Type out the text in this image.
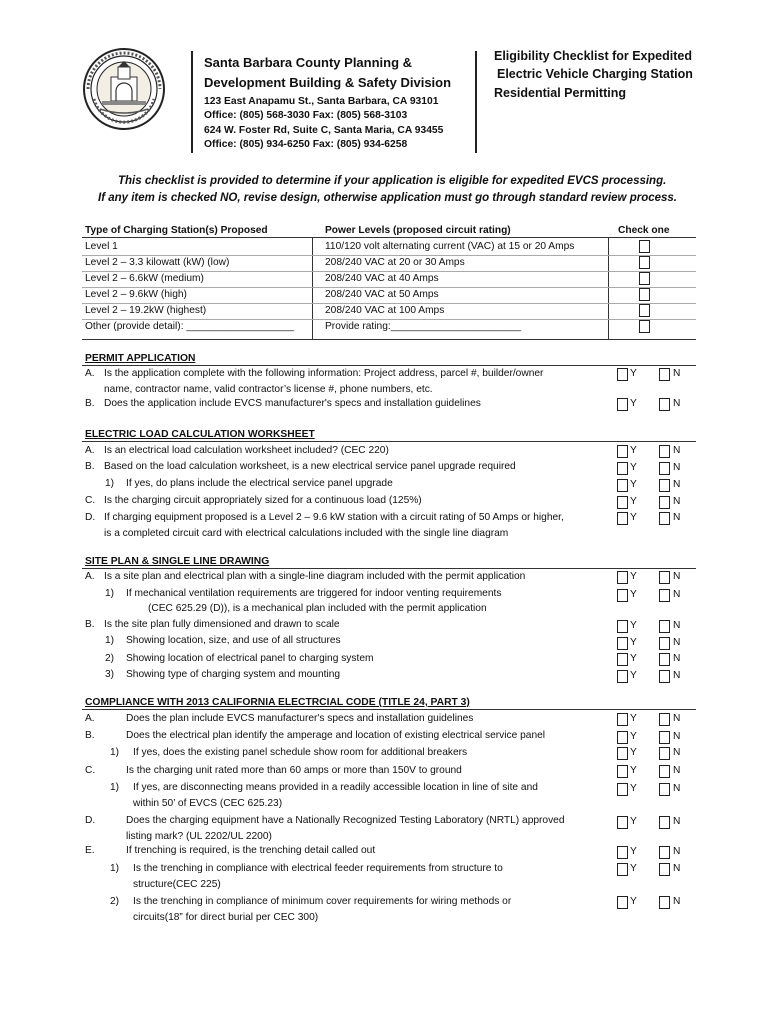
Santa Barbara County Planning &
Development Building & Safety Division
123 East Anapamu St., Santa Barbara, CA 93101
Office: (805) 568-3030 Fax: (805) 568-3103
624 W. Foster Rd, Suite C, Santa Maria, CA 93455
Office: (805) 934-6250 Fax: (805) 934-6258
Eligibility Checklist for Expedited
Electric Vehicle Charging Station
Residential Permitting
This checklist is provided to determine if your application is eligible for expedited EVCS processing.
If any item is checked NO, revise design, otherwise application must go through standard review process.
Type of Charging Station(s) Proposed	Power Levels (proposed circuit rating)	Check one
Level 1	110/120 volt alternating current (VAC) at 15 or 20 Amps
Level 2 – 3.3 kilowatt (kW) (low)	208/240 VAC at 20 or 30 Amps
Level 2 – 6.6kW (medium)	208/240 VAC at 40 Amps
Level 2 – 9.6kW (high)	208/240 VAC at 50 Amps
Level 2 – 19.2kW (highest)	208/240 VAC at 100 Amps
Other (provide detail): ___________________	Provide rating:_______________________
PERMIT APPLICATION
A. Is the application complete with the following information: Project address, parcel #, builder/owner
name, contractor name, valid contractor’s license #, phone numbers, etc.
Y	N
B. Does the application include EVCS manufacturer's specs and installation guidelines	Y	N
ELECTRIC LOAD CALCULATION WORKSHEET
A. Is an electrical load calculation worksheet included? (CEC 220)	Y	N
B. Based on the load calculation worksheet, is a new electrical service panel upgrade required	Y	N
1) If yes, do plans include the electrical service panel upgrade	Y	N
C. Is the charging circuit appropriately sized for a continuous load (125%)	Y	N
D. If charging equipment proposed is a Level 2 – 9.6 kW station with a circuit rating of 50 Amps or higher,
is a completed circuit card with electrical calculations included with the single line diagram
Y	N
SITE PLAN & SINGLE LINE DRAWING
A. Is a site plan and electrical plan with a single-line diagram included with the permit application	Y	N
1) If mechanical ventilation requirements are triggered for indoor venting requirements
(CEC 625.29 (D)), is a mechanical plan included with the permit application
Y	N
B. Is the site plan fully dimensioned and drawn to scale	Y	N
1) Showing location, size, and use of all structures	Y	N
2) Showing location of electrical panel to charging system	Y	N
3) Showing type of charging system and mounting	Y	N
COMPLIANCE WITH 2013 CALIFORNIA ELECTRCIAL CODE (TITLE 24, PART 3)
A.	Does the plan include EVCS manufacturer's specs and installation guidelines	Y	N
B.	Does the electrical plan identify the amperage and location of existing electrical service panel	Y	N
1) If yes, does the existing panel schedule show room for additional breakers	Y	N
C.	Is the charging unit rated more than 60 amps or more than 150V to ground	Y	N
1) If yes, are disconnecting means provided in a readily accessible location in line of site and
within 50’ of EVCS (CEC 625.23)
Y	N
D.	Does the charging equipment have a Nationally Recognized Testing Laboratory (NRTL) approved
listing mark? (UL 2202/UL 2200)
Y	N
E.	If trenching is required, is the trenching detail called out	Y	N
1) Is the trenching in compliance with electrical feeder requirements from structure to
structure(CEC 225)
Y	N
2) Is the trenching in compliance of minimum cover requirements for wiring methods or
circuits(18” for direct burial per CEC 300)
Y	N
